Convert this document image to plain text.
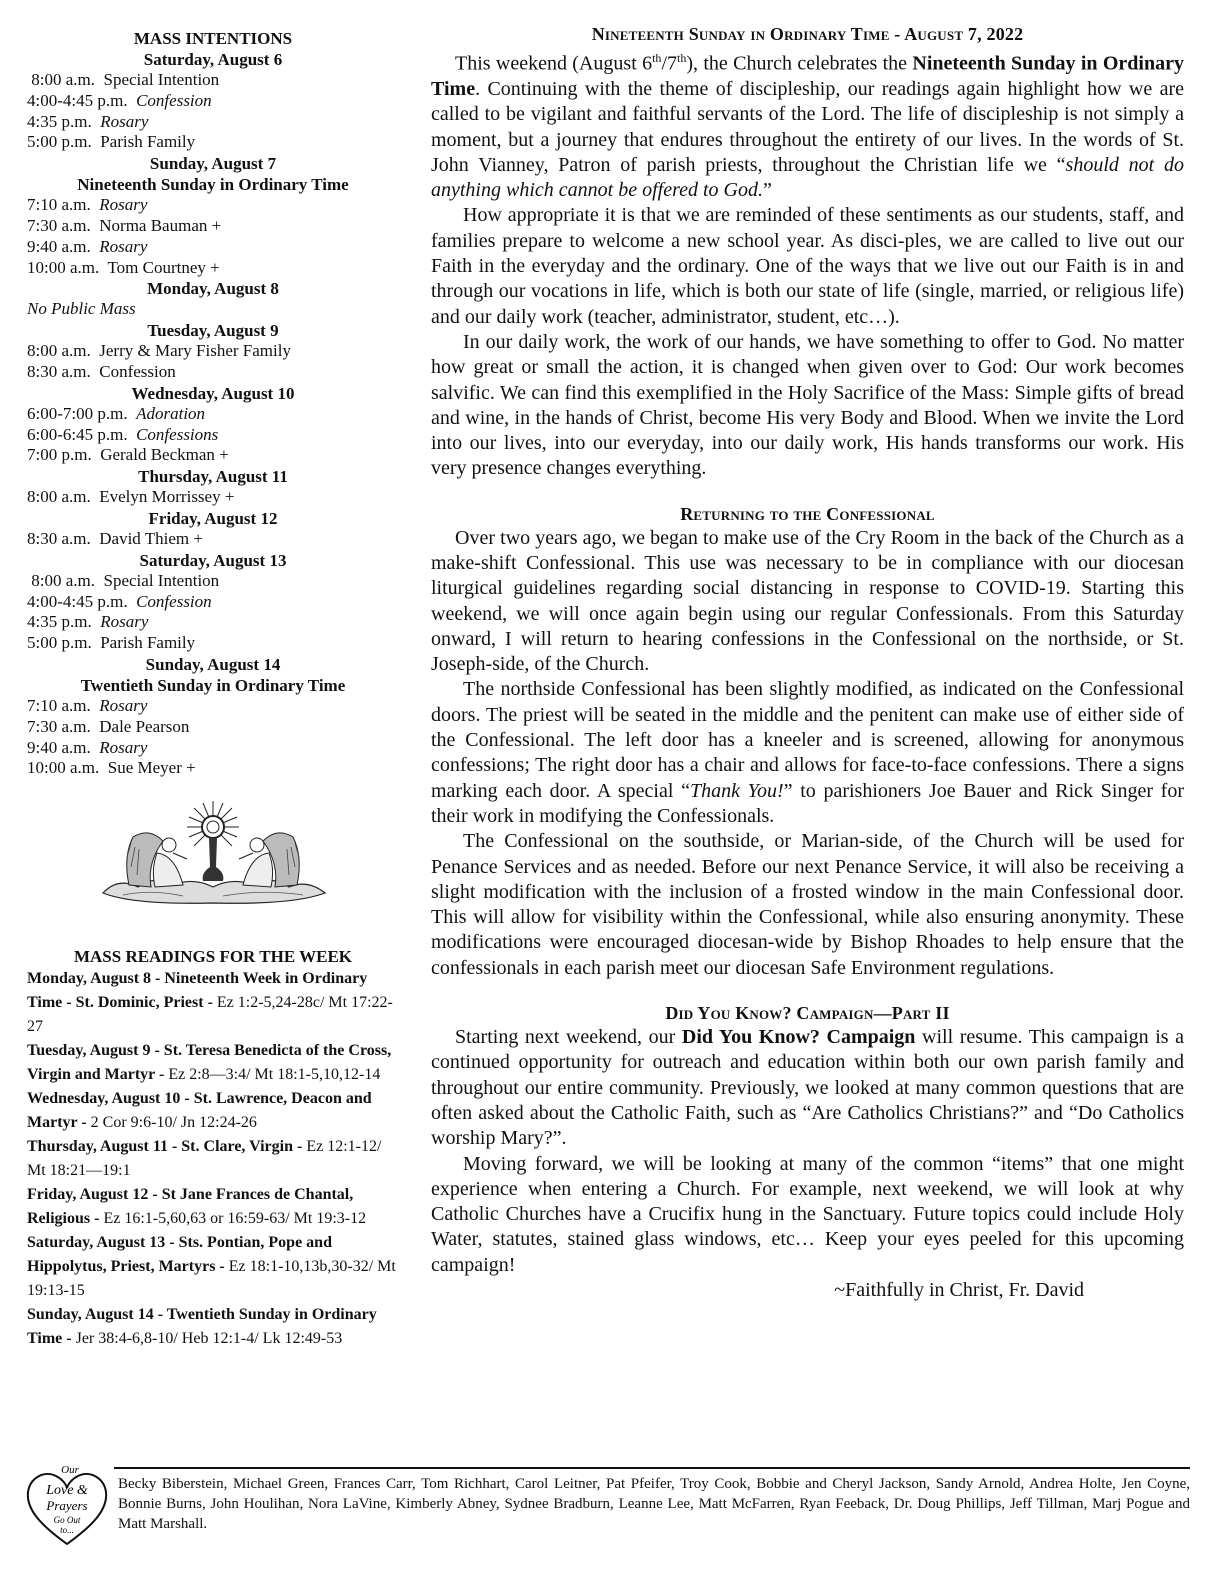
MASS INTENTIONS
Saturday, August 6
8:00 a.m.  Special Intention
4:00-4:45 p.m.  Confession
4:35 p.m.  Rosary
5:00 p.m.  Parish Family
Sunday, August 7
Nineteenth Sunday in Ordinary Time
7:10 a.m.  Rosary
7:30 a.m.  Norma Bauman +
9:40 a.m.  Rosary
10:00 a.m.  Tom Courtney +
Monday, August 8
No Public Mass
Tuesday, August 9
8:00 a.m.  Jerry & Mary Fisher Family
8:30 a.m.  Confession
Wednesday, August 10
6:00-7:00 p.m.  Adoration
6:00-6:45 p.m.  Confessions
7:00 p.m.  Gerald Beckman +
Thursday, August 11
8:00 a.m.  Evelyn Morrissey +
Friday, August 12
8:30 a.m.  David Thiem +
Saturday, August 13
8:00 a.m.  Special Intention
4:00-4:45 p.m.  Confession
4:35 p.m.  Rosary
5:00 p.m.  Parish Family
Sunday, August 14
Twentieth Sunday in Ordinary Time
7:10 a.m.  Rosary
7:30 a.m.  Dale Pearson
9:40 a.m.  Rosary
10:00 a.m.  Sue Meyer +
MASS READINGS FOR THE WEEK
Monday, August 8 - Nineteenth Week in Ordinary Time - St. Dominic, Priest - Ez 1:2-5,24-28c/ Mt 17:22-27
Tuesday, August 9 - St. Teresa Benedicta of the Cross, Virgin and Martyr - Ez 2:8—3:4/ Mt 18:1-5,10,12-14
Wednesday, August 10 - St. Lawrence, Deacon and Martyr - 2 Cor 9:6-10/ Jn 12:24-26
Thursday, August 11 - St. Clare, Virgin - Ez 12:1-12/ Mt 18:21—19:1
Friday, August 12 - St Jane Frances de Chantal, Religious - Ez 16:1-5,60,63 or 16:59-63/ Mt 19:3-12
Saturday, August 13 - Sts. Pontian, Pope and Hippolytus, Priest, Martyrs - Ez 18:1-10,13b,30-32/ Mt 19:13-15
Sunday, August 14 - Twentieth Sunday in Ordinary Time - Jer 38:4-6,8-10/ Heb 12:1-4/ Lk 12:49-53
Nineteenth Sunday in Ordinary Time - August 7, 2022

This weekend (August 6th/7th), the Church celebrates the Nineteenth Sunday in Ordinary Time. Continuing with the theme of discipleship, our readings again highlight how we are called to be vigilant and faithful servants of the Lord. The life of discipleship is not simply a moment, but a journey that endures throughout the entirety of our lives. In the words of St. John Vianney, Patron of parish priests, throughout the Christian life we “should not do anything which cannot be offered to God.”

How appropriate it is that we are reminded of these sentiments as our students, staff, and families prepare to welcome a new school year. As disci-ples, we are called to live out our Faith in the everyday and the ordinary. One of the ways that we live out our Faith is in and through our vocations in life, which is both our state of life (single, married, or religious life) and our daily work (teacher, administrator, student, etc…).

In our daily work, the work of our hands, we have something to offer to God. No matter how great or small the action, it is changed when given over to God: Our work becomes salvific. We can find this exemplified in the Holy Sacrifice of the Mass: Simple gifts of bread and wine, in the hands of Christ, become His very Body and Blood. When we invite the Lord into our lives, into our everyday, into our daily work, His hands transforms our work. His very presence changes everything.

Returning to the Confessional

Over two years ago, we began to make use of the Cry Room in the back of the Church as a make-shift Confessional. This use was necessary to be in compliance with our diocesan liturgical guidelines regarding social distancing in response to COVID-19. Starting this weekend, we will once again begin using our regular Confessionals. From this Saturday onward, I will return to hearing confessions in the Confessional on the northside, or St. Joseph-side, of the Church.

The northside Confessional has been slightly modified, as indicated on the Confessional doors. The priest will be seated in the middle and the penitent can make use of either side of the Confessional. The left door has a kneeler and is screened, allowing for anonymous confessions; The right door has a chair and allows for face-to-face confessions. There a signs marking each door. A special “Thank You!” to parishioners Joe Bauer and Rick Singer for their work in modifying the Confessionals.

The Confessional on the southside, or Marian-side, of the Church will be used for Penance Services and as needed. Before our next Penance Service, it will also be receiving a slight modification with the inclusion of a frosted window in the main Confessional door. This will allow for visibility within the Confessional, while also ensuring anonymity. These modifications were encouraged diocesan-wide by Bishop Rhoades to help ensure that the confessionals in each parish meet our diocesan Safe Environment regulations.

Did You Know? Campaign—Part II

Starting next weekend, our Did You Know? Campaign will resume. This campaign is a continued opportunity for outreach and education within both our own parish family and throughout our entire community. Previously, we looked at many common questions that are often asked about the Catholic Faith, such as “Are Catholics Christians?” and “Do Catholics worship Mary?”.

Moving forward, we will be looking at many of the common “items” that one might experience when entering a Church. For example, next weekend, we will look at why Catholic Churches have a Crucifix hung in the Sanctuary. Future topics could include Holy Water, statutes, stained glass windows, etc… Keep your eyes peeled for this upcoming campaign!

~Faithfully in Christ, Fr. David
Our
Love &
Prayers
Go Out
to...
Becky Biberstein, Michael Green, Frances Carr, Tom Richhart, Carol Leitner, Pat Pfeifer, Troy Cook, Bobbie and Cheryl Jackson, Sandy Arnold, Andrea Holte, Jen Coyne, Bonnie Burns, John Houlihan, Nora LaVine, Kimberly Abney, Sydnee Bradburn, Leanne Lee, Matt McFarren, Ryan Feeback, Dr. Doug Phillips, Jeff Tillman, Marj Pogue and Matt Marshall.
